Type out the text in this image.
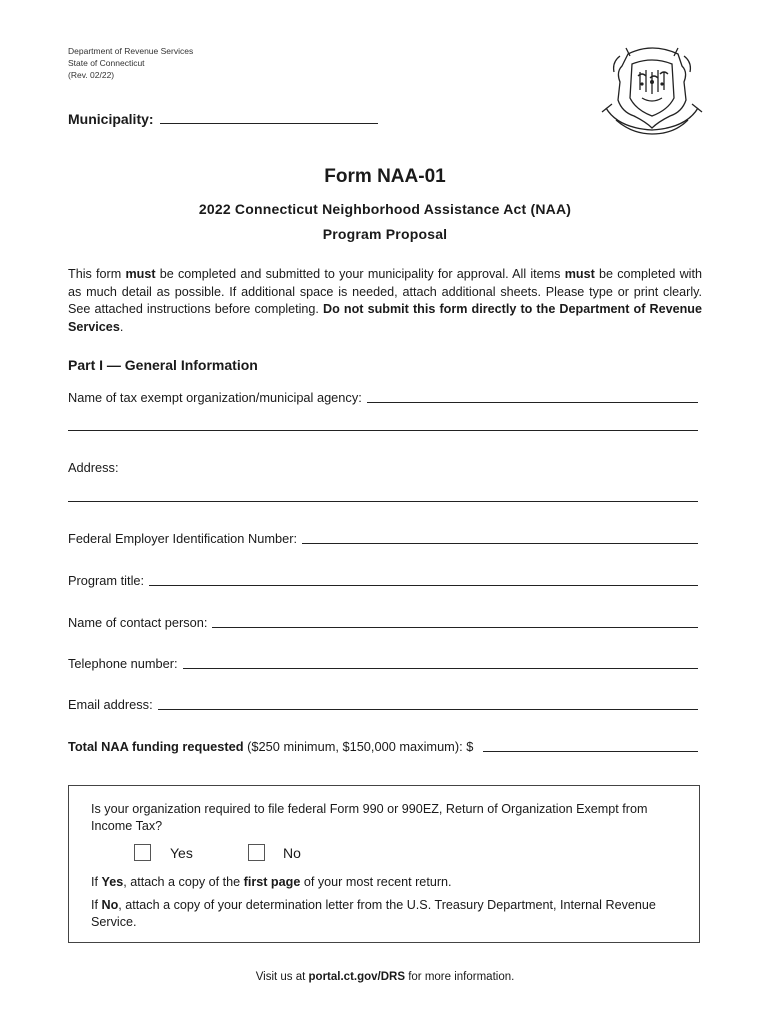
Department of Revenue Services
State of Connecticut
(Rev. 02/22)
Municipality:
Form NAA-01
2022 Connecticut Neighborhood Assistance Act (NAA)
Program Proposal
This form must be completed and submitted to your municipality for approval. All items must be completed with as much detail as possible. If additional space is needed, attach additional sheets. Please type or print clearly. See attached instructions before completing. Do not submit this form directly to the Department of Revenue Services.
Part I — General Information
Name of tax exempt organization/municipal agency:
Address:
Federal Employer Identification Number:
Program title:
Name of contact person:
Telephone number:
Email address:
Total NAA funding requested ($250 minimum, $150,000 maximum): $
Is your organization required to file federal Form 990 or 990EZ, Return of Organization Exempt from Income Tax?
Yes	No
If Yes, attach a copy of the first page of your most recent return.
If No, attach a copy of your determination letter from the U.S. Treasury Department, Internal Revenue Service.
Visit us at portal.ct.gov/DRS for more information.
